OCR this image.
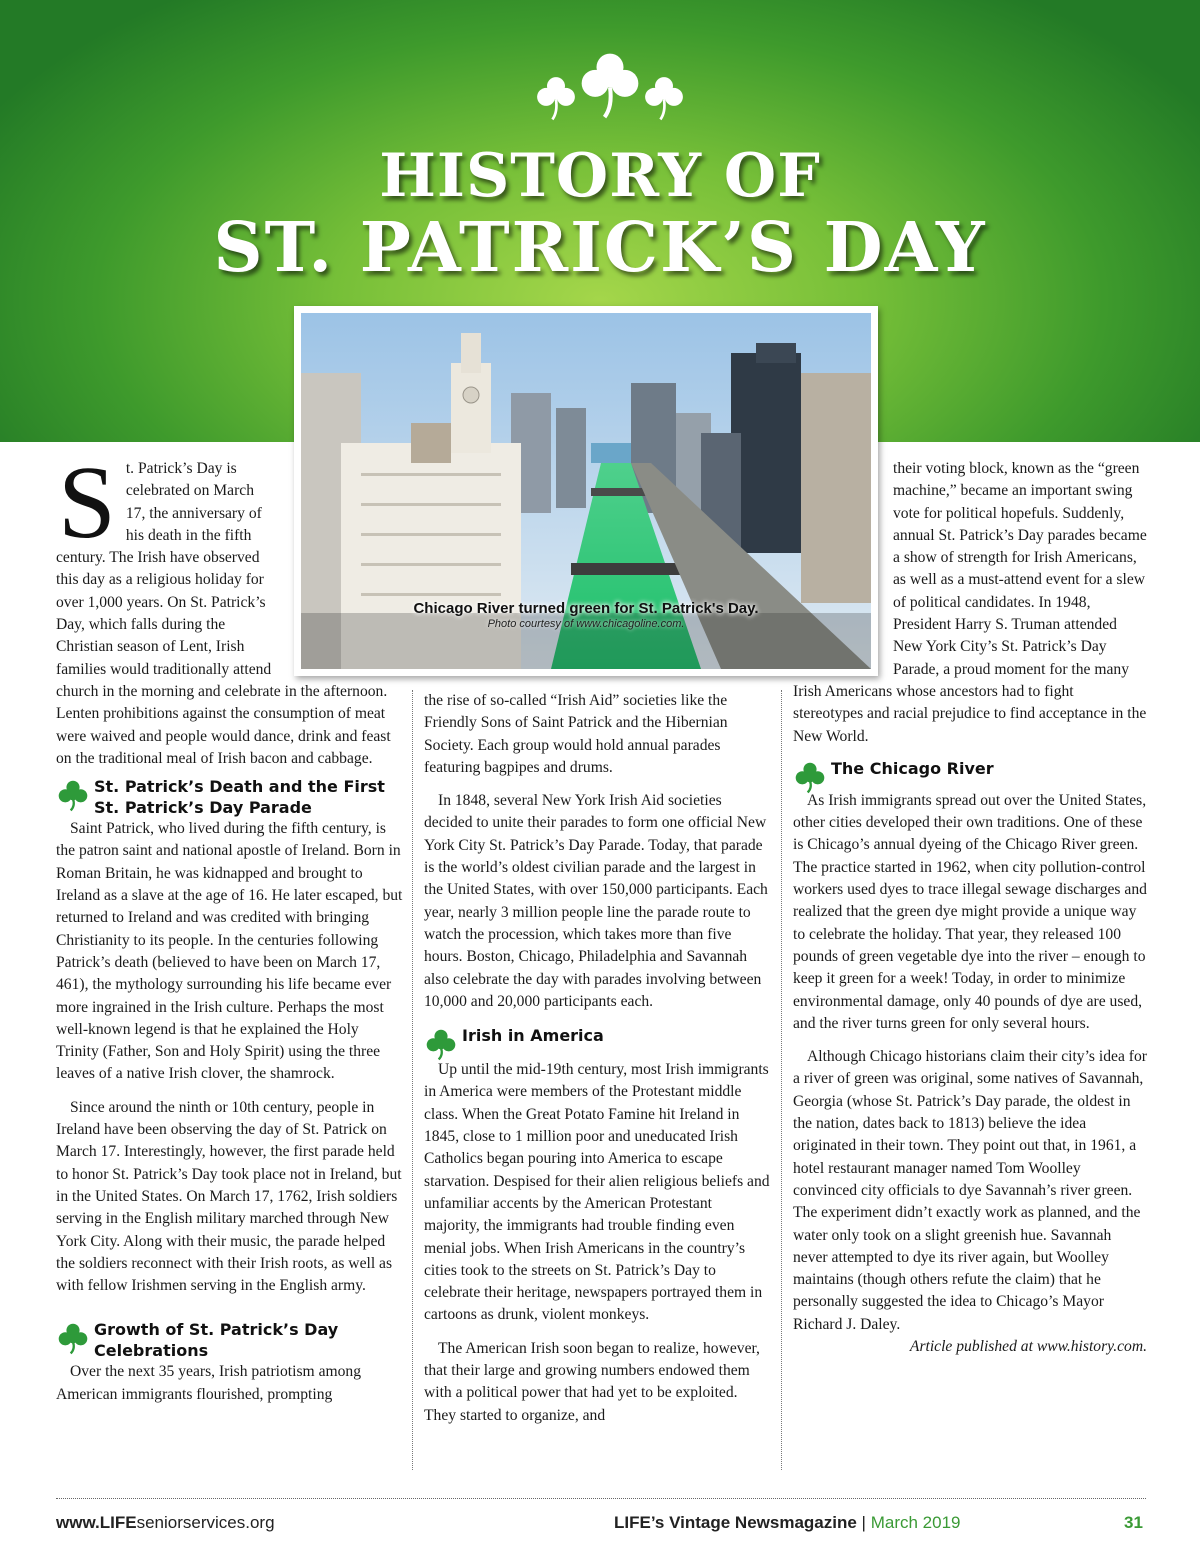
HISTORY OF
ST. PATRICK’S DAY
Chicago River turned green for St. Patrick's Day.
Photo courtesy of www.chicagoline.com.

St. Patrick’s Day is celebrated on March 17, the anniversary of his death in the fifth century. The Irish have observed this day as a religious holiday for over 1,000 years. On St. Patrick’s Day, which falls during the Christian season of Lent, Irish families would traditionally attend church in the morning and celebrate in the afternoon. Lenten prohibitions against the consumption of meat were waived and people would dance, drink and feast on the traditional meal of Irish bacon and cabbage.

St. Patrick’s Death and the First St. Patrick’s Day Parade

Saint Patrick, who lived during the fifth century, is the patron saint and national apostle of Ireland. Born in Roman Britain, he was kidnapped and brought to Ireland as a slave at the age of 16. He later escaped, but returned to Ireland and was credited with bringing Christianity to its people. In the centuries following Patrick’s death (believed to have been on March 17, 461), the mythology surrounding his life became ever more ingrained in the Irish culture. Perhaps the most well-known legend is that he explained the Holy Trinity (Father, Son and Holy Spirit) using the three leaves of a native Irish clover, the shamrock.

Since around the ninth or 10th century, people in Ireland have been observing the day of St. Patrick on March 17. Interestingly, however, the first parade held to honor St. Patrick’s Day took place not in Ireland, but in the United States. On March 17, 1762, Irish soldiers serving in the English military marched through New York City. Along with their music, the parade helped the soldiers reconnect with their Irish roots, as well as with fellow Irishmen serving in the English army.

Growth of St. Patrick’s Day Celebrations

Over the next 35 years, Irish patriotism among American immigrants flourished, prompting

the rise of so-called “Irish Aid” societies like the Friendly Sons of Saint Patrick and the Hibernian Society. Each group would hold annual parades featuring bagpipes and drums.

In 1848, several New York Irish Aid societies decided to unite their parades to form one official New York City St. Patrick’s Day Parade. Today, that parade is the world’s oldest civilian parade and the largest in the United States, with over 150,000 participants. Each year, nearly 3 million people line the parade route to watch the procession, which takes more than five hours. Boston, Chicago, Philadelphia and Savannah also celebrate the day with parades involving between 10,000 and 20,000 participants each.

Irish in America

Up until the mid-19th century, most Irish immigrants in America were members of the Protestant middle class. When the Great Potato Famine hit Ireland in 1845, close to 1 million poor and uneducated Irish Catholics began pouring into America to escape starvation. Despised for their alien religious beliefs and unfamiliar accents by the American Protestant majority, the immigrants had trouble finding even menial jobs. When Irish Americans in the country’s cities took to the streets on St. Patrick’s Day to celebrate their heritage, newspapers portrayed them in cartoons as drunk, violent monkeys.

The American Irish soon began to realize, however, that their large and growing numbers endowed them with a political power that had yet to be exploited. They started to organize, and

their voting block, known as the “green machine,” became an important swing vote for political hopefuls. Suddenly, annual St. Patrick’s Day parades became a show of strength for Irish Americans, as well as a must-attend event for a slew of political candidates. In 1948, President Harry S. Truman attended New York City’s St. Patrick’s Day Parade, a proud moment for the many Irish Americans whose ancestors had to fight stereotypes and racial prejudice to find acceptance in the New World.

The Chicago River

As Irish immigrants spread out over the United States, other cities developed their own traditions. One of these is Chicago’s annual dyeing of the Chicago River green. The practice started in 1962, when city pollution-control workers used dyes to trace illegal sewage discharges and realized that the green dye might provide a unique way to celebrate the holiday. That year, they released 100 pounds of green vegetable dye into the river – enough to keep it green for a week! Today, in order to minimize environmental damage, only 40 pounds of dye are used, and the river turns green for only several hours.

Although Chicago historians claim their city’s idea for a river of green was original, some natives of Savannah, Georgia (whose St. Patrick’s Day parade, the oldest in the nation, dates back to 1813) believe the idea originated in their town. They point out that, in 1961, a hotel restaurant manager named Tom Woolley convinced city officials to dye Savannah’s river green. The experiment didn’t exactly work as planned, and the water only took on a slight greenish hue. Savannah never attempted to dye its river again, but Woolley maintains (though others refute the claim) that he personally suggested the idea to Chicago’s Mayor Richard J. Daley.

Article published at www.history.com.

www.LIFEseniorservices.org	LIFE’s Vintage Newsmagazine | March 2019	31
